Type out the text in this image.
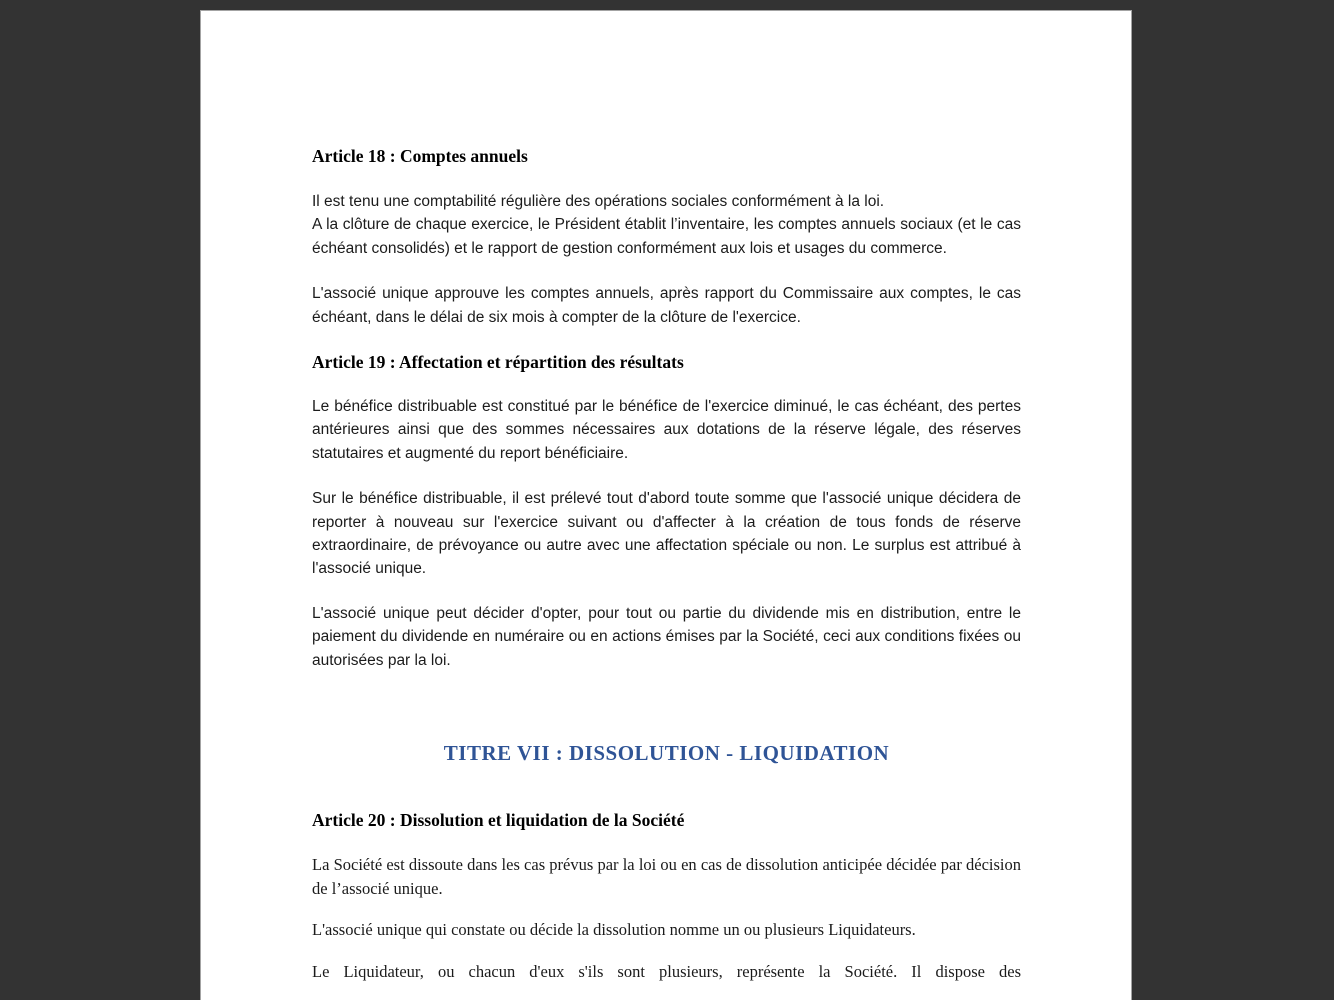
Article 18 : Comptes annuels
Il est tenu une comptabilité régulière des opérations sociales conformément à la loi.
A la clôture de chaque exercice, le Président établit l’inventaire, les comptes annuels sociaux (et le cas échéant consolidés) et le rapport de gestion conformément aux lois et usages du commerce.
L'associé unique approuve les comptes annuels, après rapport du Commissaire aux comptes, le cas échéant, dans le délai de six mois à compter de la clôture de l'exercice.
Article 19 : Affectation et répartition des résultats
Le bénéfice distribuable est constitué par le bénéfice de l'exercice diminué, le cas échéant, des pertes antérieures ainsi que des sommes nécessaires aux dotations de la réserve légale, des réserves statutaires et augmenté du report bénéficiaire.
Sur le bénéfice distribuable, il est prélevé tout d'abord toute somme que l'associé unique décidera de reporter à nouveau sur l'exercice suivant ou d'affecter à la création de tous fonds de réserve extraordinaire, de prévoyance ou autre avec une affectation spéciale ou non. Le surplus est attribué à l'associé unique.
L'associé unique peut décider d'opter, pour tout ou partie du dividende mis en distribution, entre le paiement du dividende en numéraire ou en actions émises par la Société, ceci aux conditions fixées ou autorisées par la loi.
TITRE VII : DISSOLUTION - LIQUIDATION
Article 20 : Dissolution et liquidation de la Société
La Société est dissoute dans les cas prévus par la loi ou en cas de dissolution anticipée décidée par décision de l’associé unique.
L'associé unique qui constate ou décide la dissolution nomme un ou plusieurs Liquidateurs.
Le Liquidateur, ou chacun d'eux s'ils sont plusieurs, représente la Société. Il dispose des
